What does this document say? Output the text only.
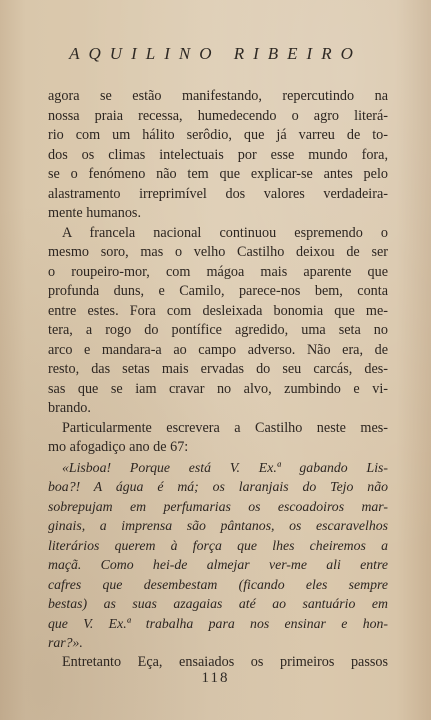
AQUILINO RIBEIRO
agora se estão manifestando, repercutindo na
nossa praia recessa, humedecendo o agro literá-
rio com um hálito serôdio, que já varreu de to-
dos os climas intelectuais por esse mundo fora,
se o fenómeno não tem que explicar-se antes pelo
alastramento irreprimível dos valores verdadeira-
mente humanos.
A francela nacional continuou espremendo o
mesmo soro, mas o velho Castilho deixou de ser
o roupeiro-mor, com mágoa mais aparente que
profunda duns, e Camilo, parece-nos bem, conta
entre estes. Fora com desleixada bonomia que me-
tera, a rogo do pontífice agredido, uma seta no
arco e mandara-a ao campo adverso. Não era, de
resto, das setas mais ervadas do seu carcás, des-
sas que se iam cravar no alvo, zumbindo e vi-
brando.
Particularmente escrevera a Castilho neste mes-
mo afogadiço ano de 67:
«Lisboa! Porque está V. Ex.ª gabando Lis-
boa?! A água é má; os laranjais do Tejo não
sobrepujam em perfumarias os escoadoiros mar-
ginais, a imprensa são pântanos, os escaravelhos
literários querem à força que lhes cheiremos a
maçã. Como hei-de almejar ver-me ali entre
cafres que desembestam (ficando eles sempre
bestas) as suas azagaias até ao santuário em
que V. Ex.ª trabalha para nos ensinar e hon-
rar?».
Entretanto Eça, ensaiados os primeiros passos
118
